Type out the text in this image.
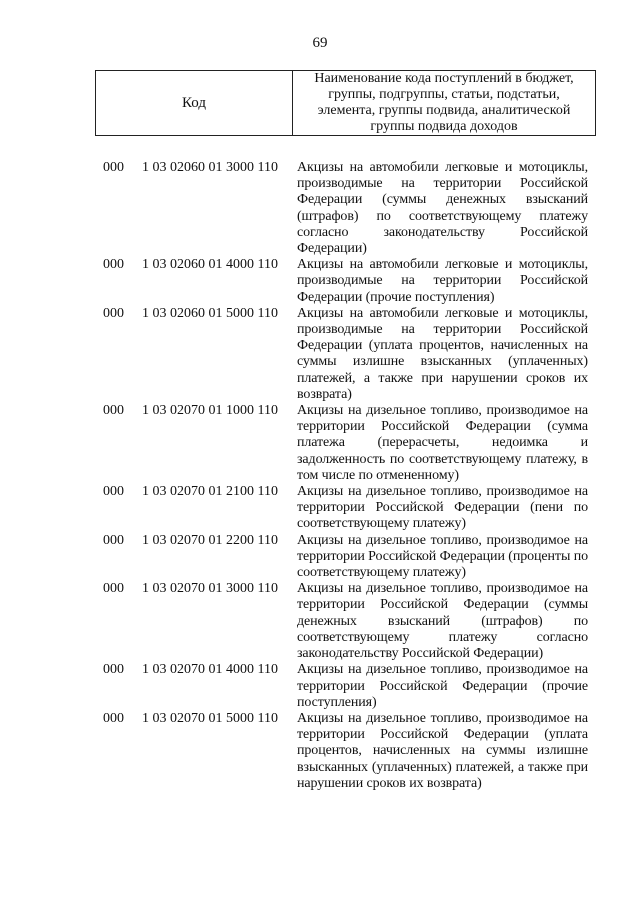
69
Код
Наименование кода поступлений в бюджет, группы, подгруппы, статьи, подстатьи, элемента, группы подвида, аналитической группы подвида доходов
000 1 03 02060 01 3000 110 Акцизы на автомобили легковые и мотоциклы, производимые на территории Российской Федерации (суммы денежных взысканий (штрафов) по соответствующему платежу согласно законодательству Российской Федерации)
000 1 03 02060 01 4000 110 Акцизы на автомобили легковые и мотоциклы, производимые на территории Российской Федерации (прочие поступления)
000 1 03 02060 01 5000 110 Акцизы на автомобили легковые и мотоциклы, производимые на территории Российской Федерации (уплата процентов, начисленных на суммы излишне взысканных (уплаченных) платежей, а также при нарушении сроков их возврата)
000 1 03 02070 01 1000 110 Акцизы на дизельное топливо, производимое на территории Российской Федерации (сумма платежа (перерасчеты, недоимка и задолженность по соответствующему платежу, в том числе по отмененному)
000 1 03 02070 01 2100 110 Акцизы на дизельное топливо, производимое на территории Российской Федерации (пени по соответствующему платежу)
000 1 03 02070 01 2200 110 Акцизы на дизельное топливо, производимое на территории Российской Федерации (проценты по соответствующему платежу)
000 1 03 02070 01 3000 110 Акцизы на дизельное топливо, производимое на территории Российской Федерации (суммы денежных взысканий (штрафов) по соответствующему платежу согласно законодательству Российской Федерации)
000 1 03 02070 01 4000 110 Акцизы на дизельное топливо, производимое на территории Российской Федерации (прочие поступления)
000 1 03 02070 01 5000 110 Акцизы на дизельное топливо, производимое на территории Российской Федерации (уплата процентов, начисленных на суммы излишне взысканных (уплаченных) платежей, а также при нарушении сроков их возврата)
